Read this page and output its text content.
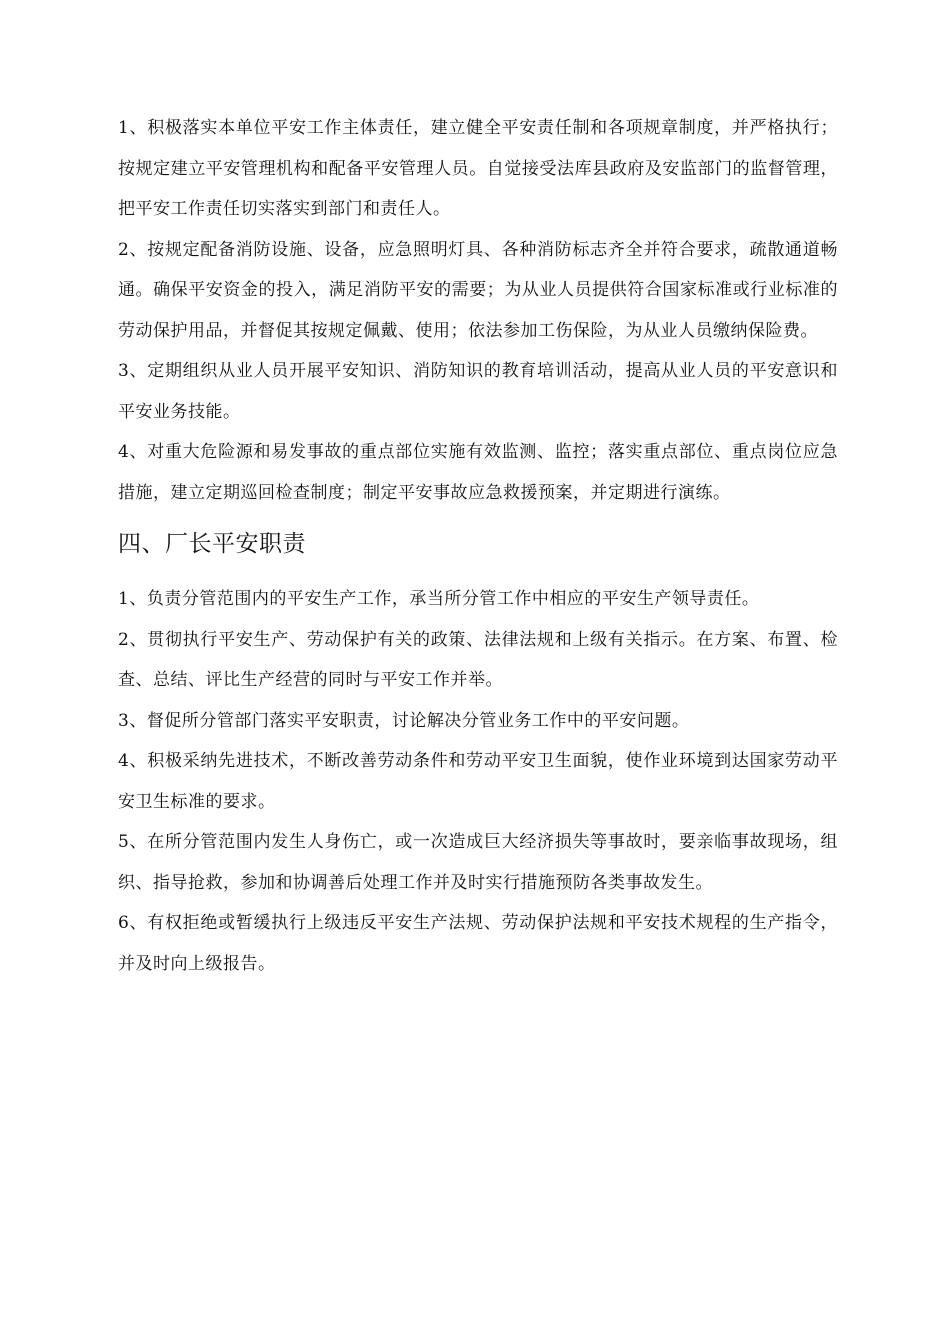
1、积极落实本单位平安工作主体责任，建立健全平安责任制和各项规章制度，并严格执行；按规定建立平安管理机构和配备平安管理人员。自觉接受法库县政府及安监部门的监督管理，把平安工作责任切实落实到部门和责任人。

2、按规定配备消防设施、设备，应急照明灯具、各种消防标志齐全并符合要求，疏散通道畅通。确保平安资金的投入，满足消防平安的需要；为从业人员提供符合国家标准或行业标准的劳动保护用品，并督促其按规定佩戴、使用；依法参加工伤保险，为从业人员缴纳保险费。

3、定期组织从业人员开展平安知识、消防知识的教育培训活动，提高从业人员的平安意识和平安业务技能。

4、对重大危险源和易发事故的重点部位实施有效监测、监控；落实重点部位、重点岗位应急措施，建立定期巡回检查制度；制定平安事故应急救援预案，并定期进行演练。

四、厂长平安职责

1、负责分管范围内的平安生产工作，承当所分管工作中相应的平安生产领导责任。

2、贯彻执行平安生产、劳动保护有关的政策、法律法规和上级有关指示。在方案、布置、检查、总结、评比生产经营的同时与平安工作并举。

3、督促所分管部门落实平安职责，讨论解决分管业务工作中的平安问题。

4、积极采纳先进技术，不断改善劳动条件和劳动平安卫生面貌，使作业环境到达国家劳动平安卫生标准的要求。

5、在所分管范围内发生人身伤亡，或一次造成巨大经济损失等事故时，要亲临事故现场，组织、指导抢救，参加和协调善后处理工作并及时实行措施预防各类事故发生。

6、有权拒绝或暂缓执行上级违反平安生产法规、劳动保护法规和平安技术规程的生产指令，并及时向上级报告。
